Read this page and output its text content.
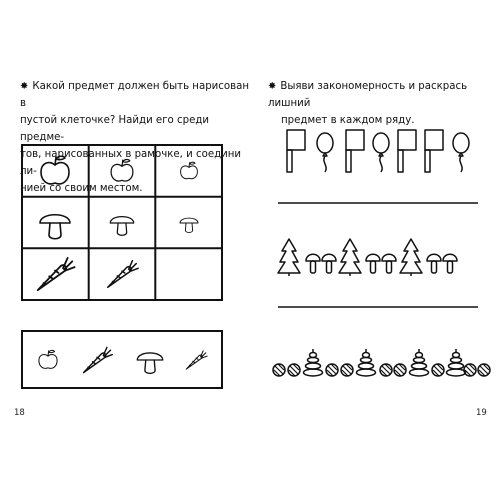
✸ Какой предмет должен быть нарисован в
пустой клеточке? Найди его среди предме-
тов, нарисованных в рамочке, и соедини ли-
нией со своим местом.
✸ Выяви закономерность и раскрась лишний
предмет в каждом ряду.
18	19
